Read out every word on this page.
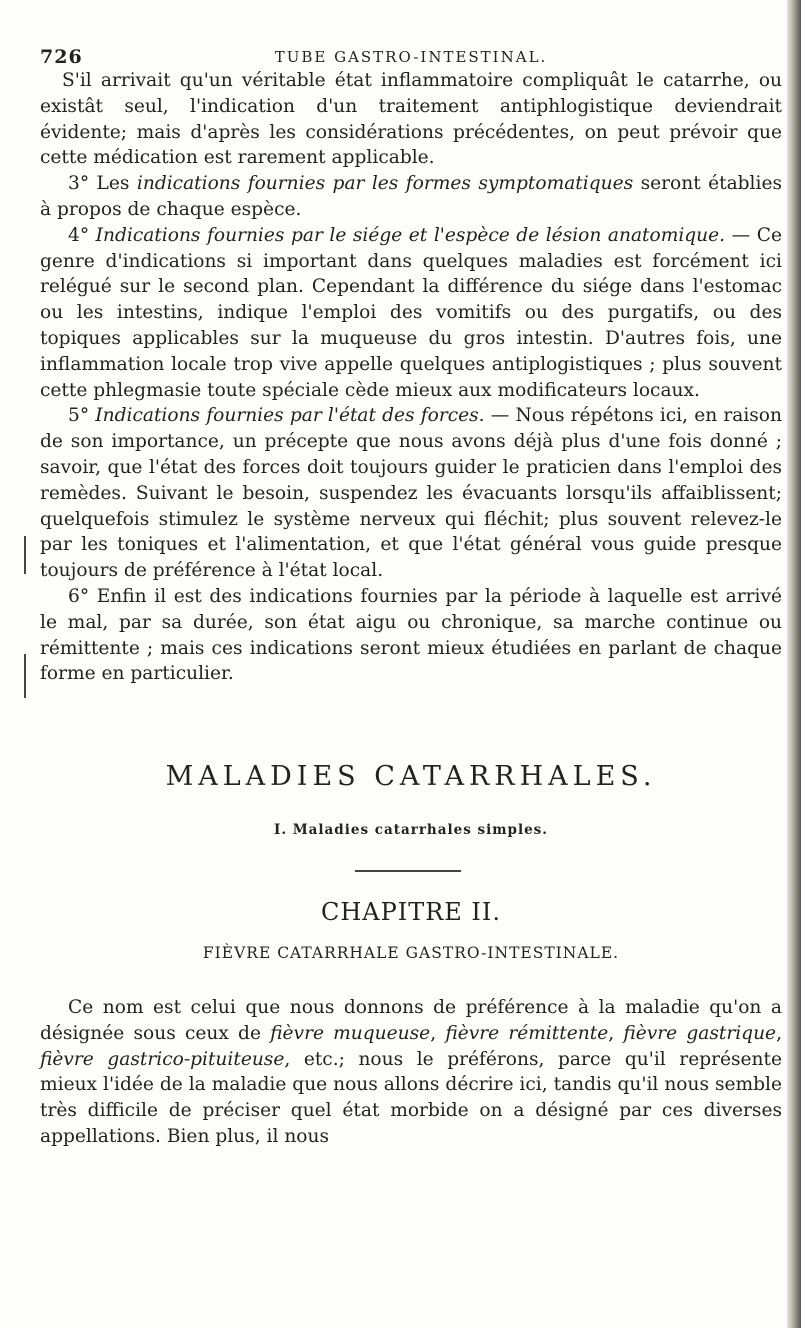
726	TUBE GASTRO-INTESTINAL.

S'il arrivait qu'un véritable état inflammatoire compliquât le catarrhe, ou existât seul, l'indication d'un traitement antiphlogistique deviendrait évidente; mais d'après les considérations précédentes, on peut prévoir que cette médication est rarement applicable.

3° Les indications fournies par les formes symptomatiques seront établies à propos de chaque espèce.

4° Indications fournies par le siége et l'espèce de lésion anatomique. — Ce genre d'indications si important dans quelques maladies est forcément ici relégué sur le second plan. Cependant la différence du siége dans l'estomac ou les intestins, indique l'emploi des vomitifs ou des purgatifs, ou des topiques applicables sur la muqueuse du gros intestin. D'autres fois, une inflammation locale trop vive appelle quelques antiplogistiques ; plus souvent cette phlegmasie toute spéciale cède mieux aux modificateurs locaux.

5° Indications fournies par l'état des forces. — Nous répétons ici, en raison de son importance, un précepte que nous avons déjà plus d'une fois donné ; savoir, que l'état des forces doit toujours guider le praticien dans l'emploi des remèdes. Suivant le besoin, suspendez les évacuants lorsqu'ils affaiblissent; quelquefois stimulez le système nerveux qui fléchit; plus souvent relevez-le par les toniques et l'alimentation, et que l'état général vous guide presque toujours de préférence à l'état local.

6° Enfin il est des indications fournies par la période à laquelle est arrivé le mal, par sa durée, son état aigu ou chronique, sa marche continue ou rémittente ; mais ces indications seront mieux étudiées en parlant de chaque forme en particulier.

MALADIES CATARRHALES.
I. Maladies catarrhales simples.
CHAPITRE II.
FIÈVRE CATARRHALE GASTRO-INTESTINALE.

Ce nom est celui que nous donnons de préférence à la maladie qu'on a désignée sous ceux de fièvre muqueuse, fièvre rémittente, fièvre gastrique, fièvre gastrico-pituiteuse, etc.; nous le préférons, parce qu'il représente mieux l'idée de la maladie que nous allons décrire ici, tandis qu'il nous semble très difficile de préciser quel état morbide on a désigné par ces diverses appellations. Bien plus, il nous
